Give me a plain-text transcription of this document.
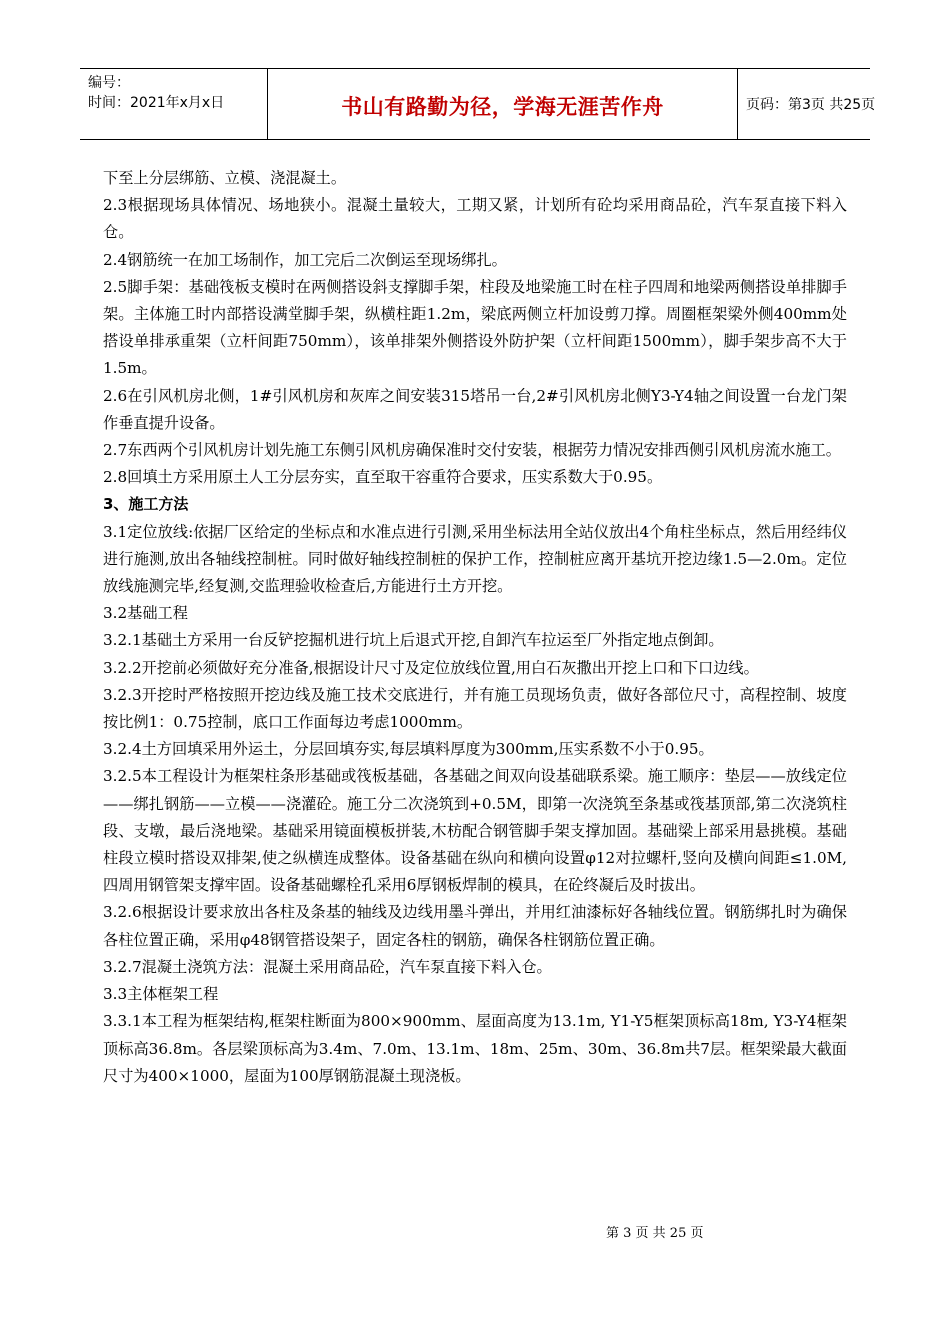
编号：
时间：2021年x月x日	书山有路勤为径，学海无涯苦作舟	页码：第3页 共25页

下至上分层绑筋、立模、浇混凝土。

2.3根据现场具体情况、场地狭小。混凝土量较大，工期又紧，计划所有砼均采用商品砼，汽车泵直接下料入仓。

2.4钢筋统一在加工场制作，加工完后二次倒运至现场绑扎。

2.5脚手架：基础筏板支模时在两侧搭设斜支撑脚手架，柱段及地梁施工时在柱子四周和地梁两侧搭设单排脚手架。主体施工时内部搭设满堂脚手架，纵横柱距1.2m，梁底两侧立杆加设剪刀撑。周圈框架梁外侧400mm处搭设单排承重架（立杆间距750mm），该单排架外侧搭设外防护架（立杆间距1500mm），脚手架步高不大于1.5m。

2.6在引风机房北侧，1#引风机房和灰库之间安装315塔吊一台,2#引风机房北侧Y3-Y4轴之间设置一台龙门架作垂直提升设备。

2.7东西两个引风机房计划先施工东侧引风机房确保准时交付安装，根据劳力情况安排西侧引风机房流水施工。

2.8回填土方采用原土人工分层夯实，直至取干容重符合要求，压实系数大于0.95。

3、施工方法

3.1定位放线:依据厂区给定的坐标点和水准点进行引测,采用坐标法用全站仪放出4个角柱坐标点，然后用经纬仪进行施测,放出各轴线控制桩。同时做好轴线控制桩的保护工作，控制桩应离开基坑开挖边缘1.5—2.0m。定位放线施测完毕,经复测,交监理验收检查后,方能进行土方开挖。

3.2基础工程

3.2.1基础土方采用一台反铲挖掘机进行坑上后退式开挖,自卸汽车拉运至厂外指定地点倒卸。

3.2.2开挖前必须做好充分准备,根据设计尺寸及定位放线位置,用白石灰撒出开挖上口和下口边线。

3.2.3开挖时严格按照开挖边线及施工技术交底进行，并有施工员现场负责，做好各部位尺寸，高程控制、坡度按比例1：0.75控制，底口工作面每边考虑1000mm。

3.2.4土方回填采用外运土，分层回填夯实,每层填料厚度为300mm,压实系数不小于0.95。

3.2.5本工程设计为框架柱条形基础或筏板基础，各基础之间双向设基础联系梁。施工顺序：垫层——放线定位——绑扎钢筋——立模——浇灌砼。施工分二次浇筑到+0.5M，即第一次浇筑至条基或筏基顶部,第二次浇筑柱段、支墩，最后浇地梁。基础采用镜面模板拼装,木枋配合钢管脚手架支撑加固。基础梁上部采用悬挑模。基础柱段立模时搭设双排架,使之纵横连成整体。设备基础在纵向和横向设置φ12对拉螺杆,竖向及横向间距≤1.0M,四周用钢管架支撑牢固。设备基础螺栓孔采用6厚钢板焊制的模具，在砼终凝后及时拔出。

3.2.6根据设计要求放出各柱及条基的轴线及边线用墨斗弹出，并用红油漆标好各轴线位置。钢筋绑扎时为确保各柱位置正确，采用φ48钢管搭设架子，固定各柱的钢筋，确保各柱钢筋位置正确。

3.2.7混凝土浇筑方法：混凝土采用商品砼，汽车泵直接下料入仓。

3.3主体框架工程

3.3.1本工程为框架结构,框架柱断面为800×900mm、屋面高度为13.1m, Y1-Y5框架顶标高18m, Y3-Y4框架顶标高36.8m。各层梁顶标高为3.4m、7.0m、13.1m、18m、25m、30m、36.8m共7层。框架梁最大截面尺寸为400×1000，屋面为100厚钢筋混凝土现浇板。

第 3 页 共 25 页
